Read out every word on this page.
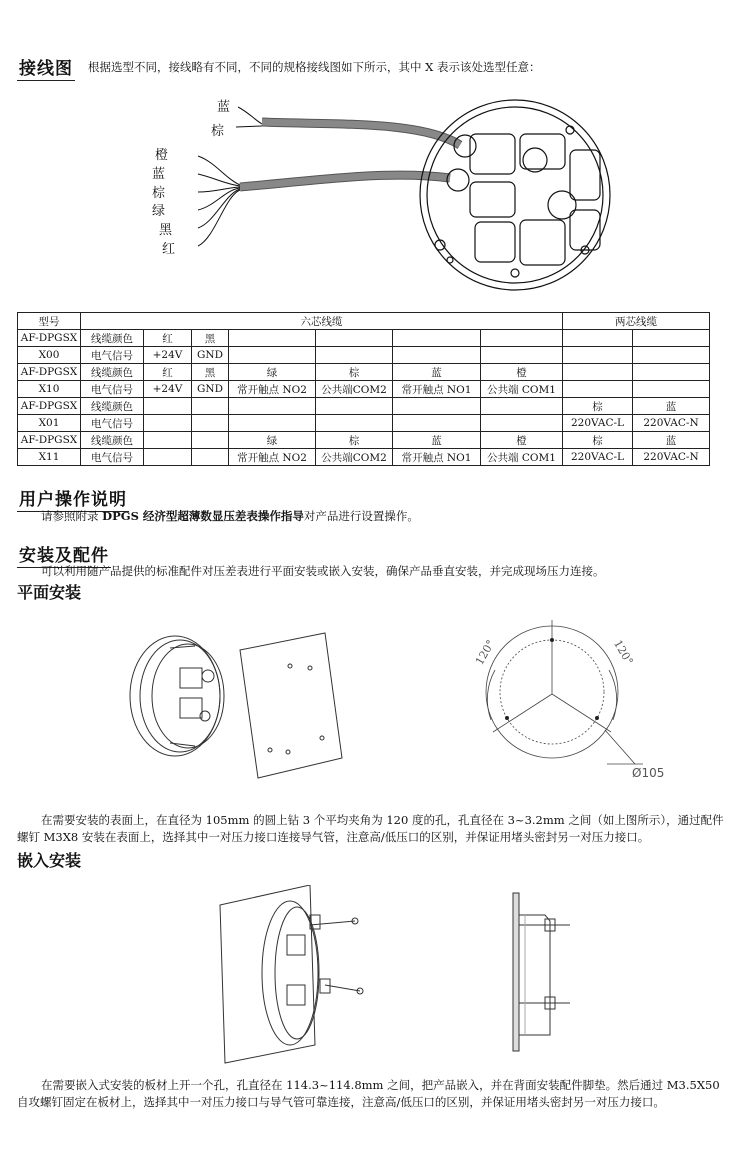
接线图 根据选型不同，接线略有不同，不同的规格接线图如下所示，其中 X 表示该处选型任意：
蓝
棕
橙
蓝
棕
绿
黑
红
型号	六芯线缆							两芯线缆	
AF-DPGSX	线缆颜色	红	黑						
X00	电气信号	+24V	GND						
AF-DPGSX	线缆颜色	红	黑	绿	棕	蓝	橙		
X10	电气信号	+24V	GND	常开触点 NO2	公共端COM2	常开触点 NO1	公共端 COM1		
AF-DPGSX	线缆颜色							棕	蓝
X01	电气信号							220VAC-L	220VAC-N
AF-DPGSX	线缆颜色			绿	棕	蓝	橙	棕	蓝
X11	电气信号			常开触点 NO2	公共端COM2	常开触点 NO1	公共端 COM1	220VAC-L	220VAC-N
用户操作说明
请参照附录 DPGS 经济型超薄数显压差表操作指导对产品进行设置操作。
安装及配件
可以利用随产品提供的标准配件对压差表进行平面安装或嵌入安装，确保产品垂直安装，并完成现场压力连接。
平面安装
120°	120°
Ø105
在需要安装的表面上，在直径为 105mm 的圆上钻 3 个平均夹角为 120 度的孔，孔直径在 3~3.2mm 之间（如上图所示），通过配件螺钉 M3X8 安装在表面上，选择其中一对压力接口连接导气管，注意高/低压口的区别，并保证用堵头密封另一对压力接口。
嵌入安装
在需要嵌入式安装的板材上开一个孔，孔直径在 114.3~114.8mm 之间，把产品嵌入，并在背面安装配件脚垫。然后通过 M3.5X50 自攻螺钉固定在板材上，选择其中一对压力接口与导气管可靠连接，注意高/低压口的区别，并保证用堵头密封另一对压力接口。
